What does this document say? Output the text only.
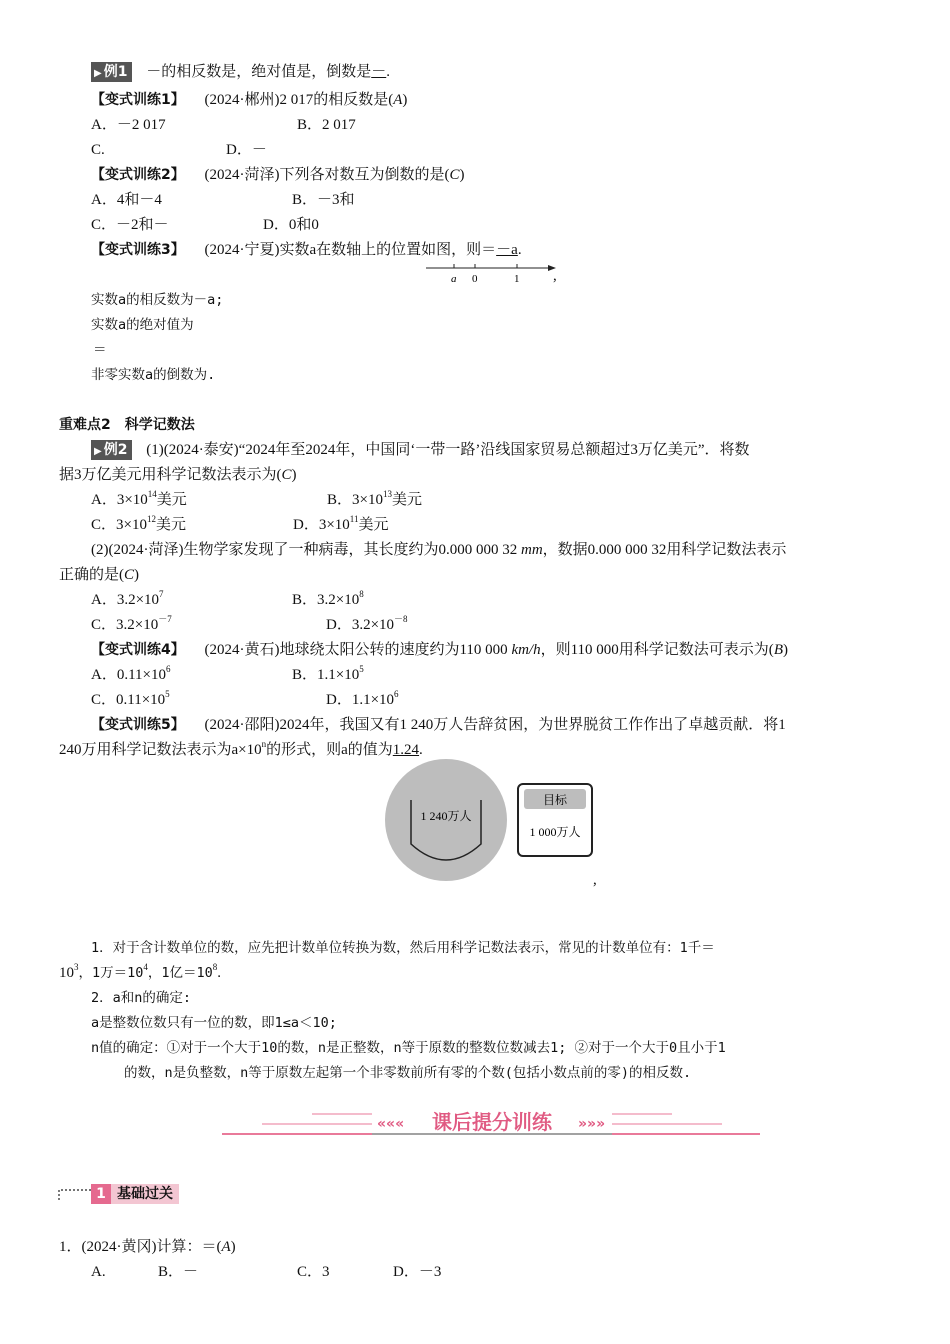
▶ 例1 －的相反数是，绝对值是，倒数是－.
【变式训练1】 (2024·郴州)2 017的相反数是(A)
A．－2 017	B．2 017
C.	D．－
【变式训练2】 (2024·菏泽)下列各对数互为倒数的是(C)
A．4和－4	B．－3和
C．－2和－	D．0和0
【变式训练3】 (2024·宁夏)实数a在数轴上的位置如图，则＝－a.
a 0	1 ,
实数a的相反数为－a;
实数a的绝对值为
＝
非零实数a的倒数为.
重难点2　科学记数法
▶ 例2 (1)(2024·泰安)“2024年至2024年，中国同‘一带一路’沿线国家贸易总额超过3万亿美元”．将数
据3万亿美元用科学记数法表示为(C)
A．$3\times 10^{14}$美元	B．$3\times 10^{13}$美元
C．$3\times 10^{12}$美元	D．$3\times 10^{11}$美元
(2)(2024·菏泽)生物学家发现了一种病毒，其长度约为0.000 000 32 mm，数据0.000 000 32用科学记数法表示
正确的是(C)
A．$3.2\times 10^7$	B．$3.2\times 10^8$
C．$3.2\times 10^{-7}$	D．$3.2\times 10^{-8}$
【变式训练4】 (2024·黄石)地球绕太阳公转的速度约为110 000 km/h，则110 000用科学记数法可表示为(B)
A．$0.11\times 10^6$	B．$1.1\times 10^5$
C．$0.11\times 10^5$	D．$1.1\times 10^6$
【变式训练5】 (2024·邵阳)2024年，我国又有1 240万人告辞贫困，为世界脱贫工作作出了卓越贡献．将1
240万用科学记数法表示为$a\times 10^n$的形式，则a的值为1.24.
1 240万人
目标
1 000万人
,
1．对于含计数单位的数，应先把计数单位转换为数，然后用科学记数法表示，常见的计数单位有：1千＝
$10^3$，1万$=10^4$，1亿$=10^8$.
2．a和n的确定:
a是整数位数只有一位的数，即1≤a＜10;
n值的确定：①对于一个大于10的数，n是正整数，n等于原数的整数位数减去1; ②对于一个大于0且小于1
的数，n是负整数，n等于原数左起第一个非零数前所有零的个数(包括小数点前的零)的相反数.
««« 课后提分训练 »»»
1 基础过关
1．(2024·黄冈)计算：＝(A)
A.	B．－	C．3	D．－3
